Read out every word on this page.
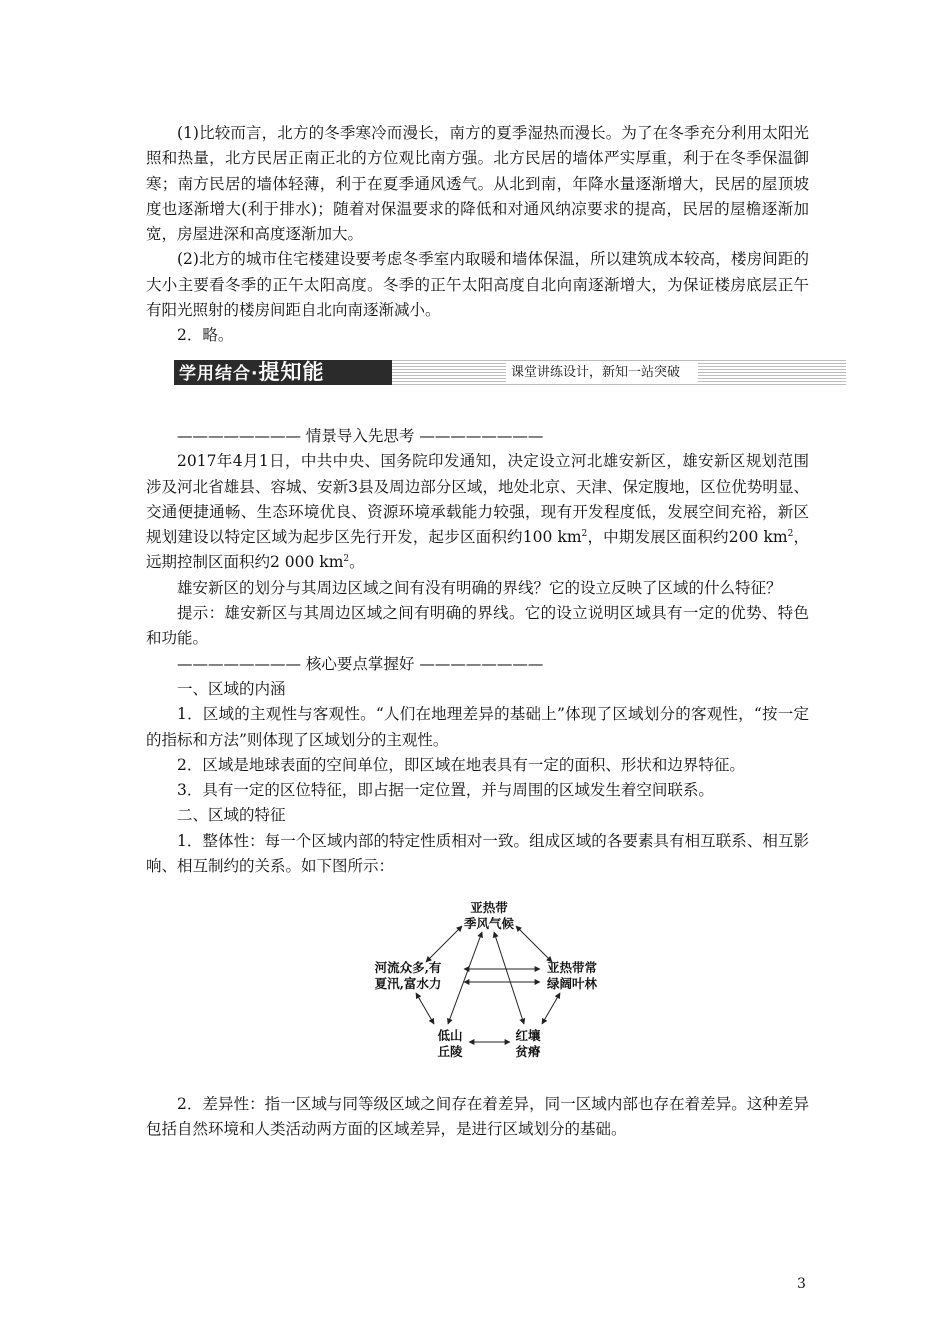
(1)比较而言，北方的冬季寒冷而漫长，南方的夏季湿热而漫长。为了在冬季充分利用太阳光照和热量，北方民居正南正北的方位观比南方强。北方民居的墙体严实厚重，利于在冬季保温御寒；南方民居的墙体轻薄，利于在夏季通风透气。从北到南，年降水量逐渐增大，民居的屋顶坡度也逐渐增大(利于排水)；随着对保温要求的降低和对通风纳凉要求的提高，民居的屋檐逐渐加宽，房屋进深和高度逐渐加大。

(2)北方的城市住宅楼建设要考虑冬季室内取暖和墙体保温，所以建筑成本较高，楼房间距的大小主要看冬季的正午太阳高度。冬季的正午太阳高度自北向南逐渐增大，为保证楼房底层正午有阳光照射的楼房间距自北向南逐渐减小。

2．略。

学用结合·提知能	课堂讲练设计，新知一站突破

———————— 情景导入先思考 ————————

2017年4月1日，中共中央、国务院印发通知，决定设立河北雄安新区，雄安新区规划范围涉及河北省雄县、容城、安新3县及周边部分区域，地处北京、天津、保定腹地，区位优势明显、交通便捷通畅、生态环境优良、资源环境承载能力较强，现有开发程度低，发展空间充裕，新区规划建设以特定区域为起步区先行开发，起步区面积约100 $km^2$，中期发展区面积约200 $km^2$，远期控制区面积约2 000 $km^2$。

雄安新区的划分与其周边区域之间有没有明确的界线？它的设立反映了区域的什么特征？

提示：雄安新区与其周边区域之间有明确的界线。它的设立说明区域具有一定的优势、特色和功能。

———————— 核心要点掌握好 ————————

一、区域的内涵

1．区域的主观性与客观性。“人们在地理差异的基础上”体现了区域划分的客观性，“按一定的指标和方法”则体现了区域划分的主观性。

2．区域是地球表面的空间单位，即区域在地表具有一定的面积、形状和边界特征。

3．具有一定的区位特征，即占据一定位置，并与周围的区域发生着空间联系。

二、区域的特征

1．整体性：每一个区域内部的特定性质相对一致。组成区域的各要素具有相互联系、相互影响、相互制约的关系。如下图所示：

亚热带
季风气候
河流众多,有
夏汛,富水力
亚热带常
绿阔叶林
低山
丘陵
红壤
贫瘠

2．差异性：指一区域与同等级区域之间存在着差异，同一区域内部也存在着差异。这种差异包括自然环境和人类活动两方面的区域差异，是进行区域划分的基础。

3
